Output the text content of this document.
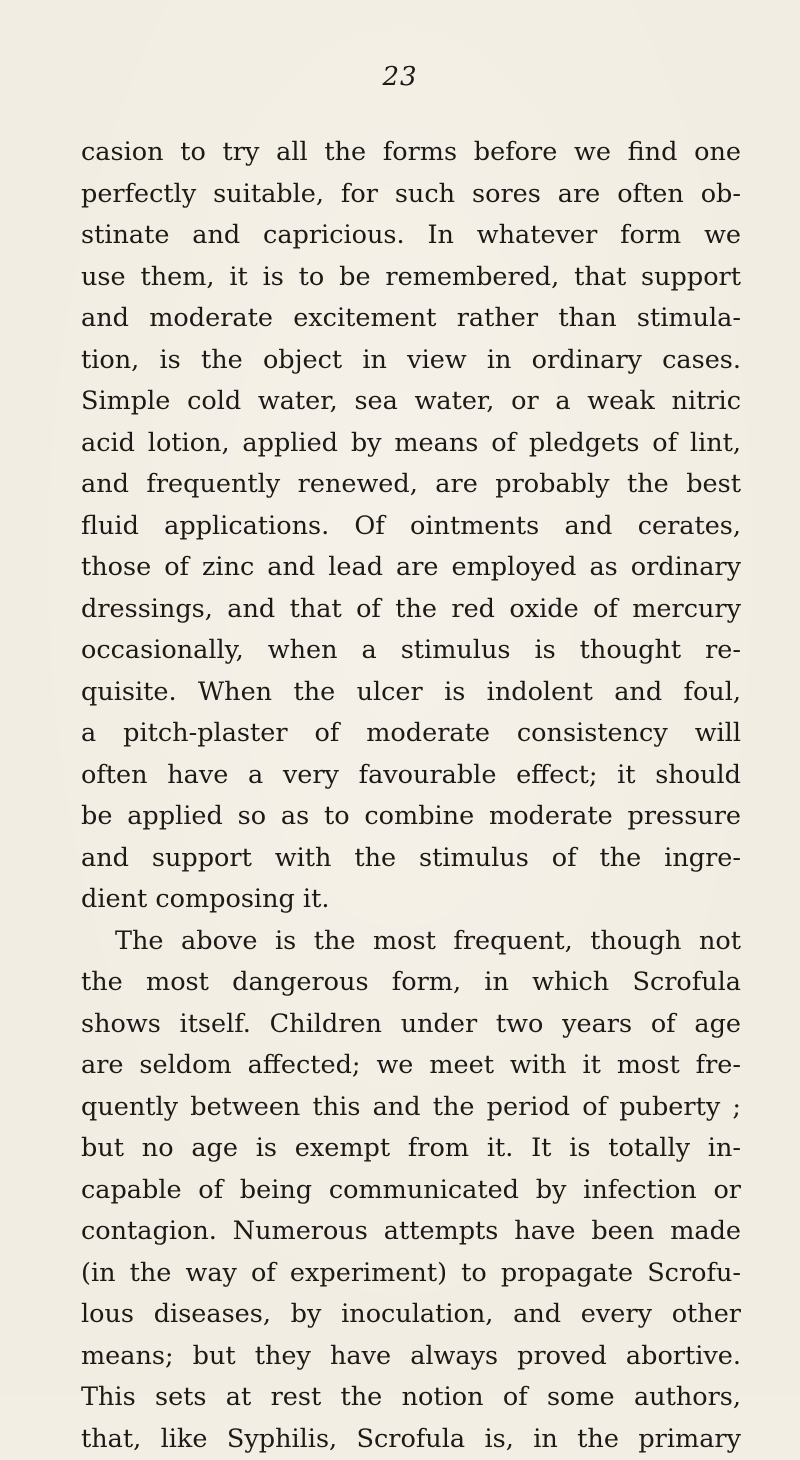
23
casion to try all the forms before we find one
perfectly suitable, for such sores are often ob-
stinate and capricious. In whatever form we
use them, it is to be remembered, that support
and moderate excitement rather than stimula-
tion, is the object in view in ordinary cases.
Simple cold water, sea water, or a weak nitric
acid lotion, applied by means of pledgets of lint,
and frequently renewed, are probably the best
fluid applications. Of ointments and cerates,
those of zinc and lead are employed as ordinary
dressings, and that of the red oxide of mercury
occasionally, when a stimulus is thought re-
quisite. When the ulcer is indolent and foul,
a pitch-plaster of moderate consistency will
often have a very favourable effect; it should
be applied so as to combine moderate pressure
and support with the stimulus of the ingre-
dient composing it.
The above is the most frequent, though not
the most dangerous form, in which Scrofula
shows itself. Children under two years of age
are seldom affected; we meet with it most fre-
quently between this and the period of puberty ;
but no age is exempt from it. It is totally in-
capable of being communicated by infection or
contagion. Numerous attempts have been made
(in the way of experiment) to propagate Scrofu-
lous diseases, by inoculation, and every other
means; but they have always proved abortive.
This sets at rest the notion of some authors,
that, like Syphilis, Scrofula is, in the primary
